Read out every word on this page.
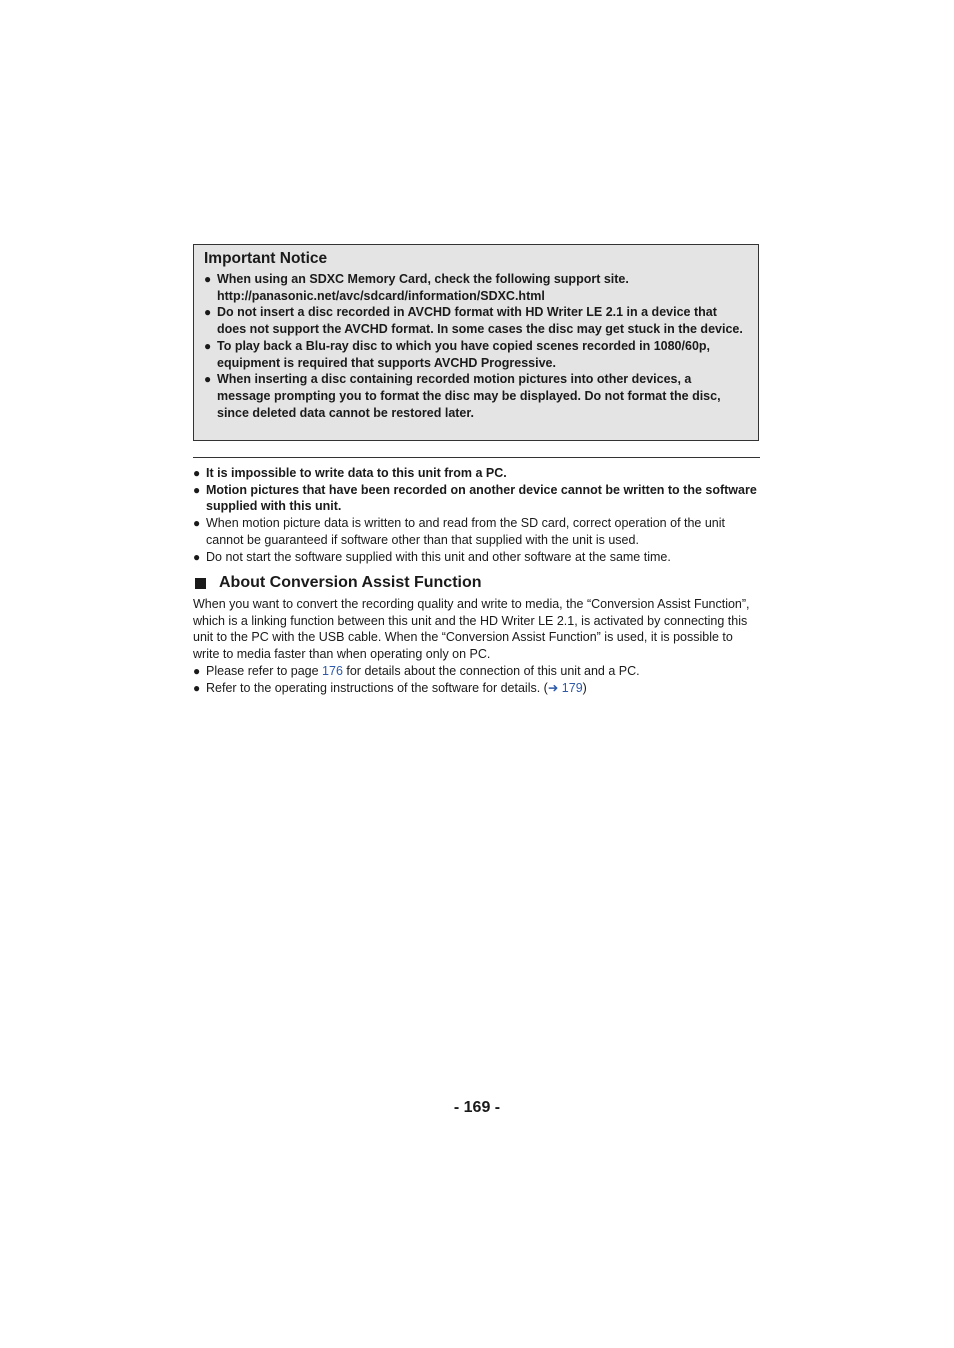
Important Notice
● When using an SDXC Memory Card, check the following support site.
http://panasonic.net/avc/sdcard/information/SDXC.html
● Do not insert a disc recorded in AVCHD format with HD Writer LE 2.1 in a device that does not support the AVCHD format. In some cases the disc may get stuck in the device.
● To play back a Blu-ray disc to which you have copied scenes recorded in 1080/60p, equipment is required that supports AVCHD Progressive.
● When inserting a disc containing recorded motion pictures into other devices, a message prompting you to format the disc may be displayed. Do not format the disc, since deleted data cannot be restored later.
● It is impossible to write data to this unit from a PC.
● Motion pictures that have been recorded on another device cannot be written to the software supplied with this unit.
● When motion picture data is written to and read from the SD card, correct operation of the unit cannot be guaranteed if software other than that supplied with the unit is used.
● Do not start the software supplied with this unit and other software at the same time.
About Conversion Assist Function

When you want to convert the recording quality and write to media, the “Conversion Assist Function”, which is a linking function between this unit and the HD Writer LE 2.1, is activated by connecting this unit to the PC with the USB cable. When the “Conversion Assist Function” is used, it is possible to write to media faster than when operating only on PC.

● Please refer to page 176 for details about the connection of this unit and a PC.
● Refer to the operating instructions of the software for details. (➜ 179)
- 169 -
